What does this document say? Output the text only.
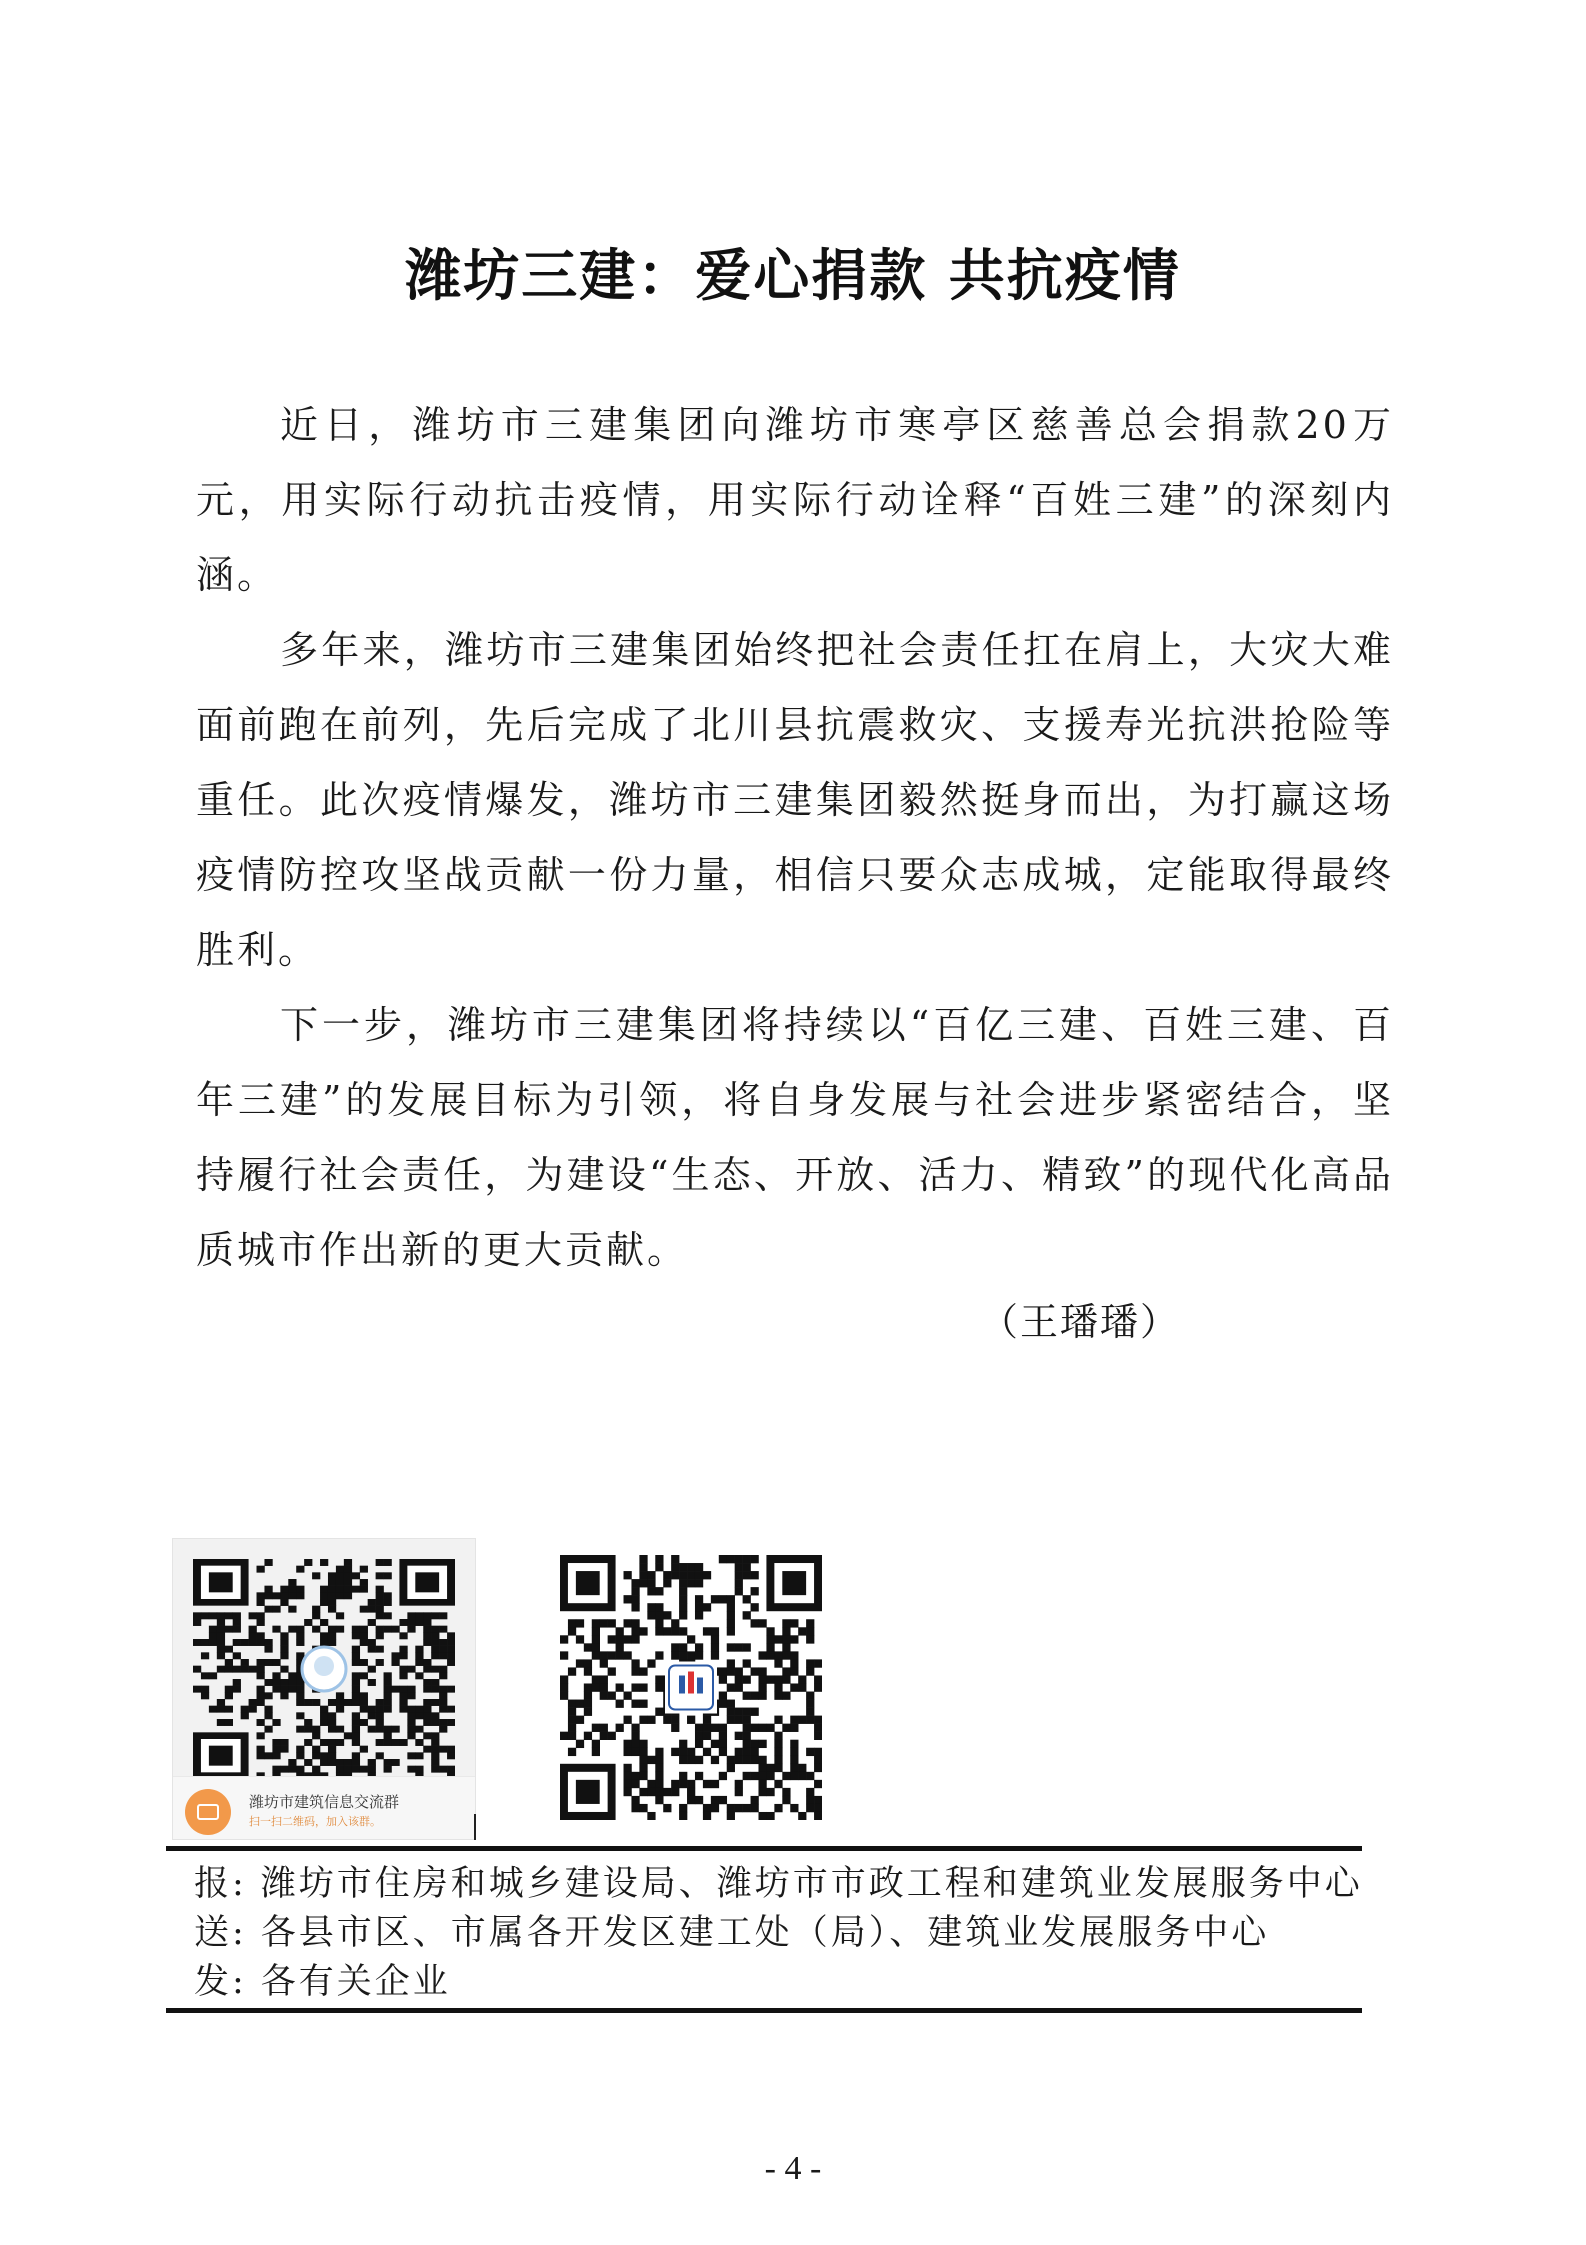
潍坊三建：爱心捐款 共抗疫情

近日，潍坊市三建集团向潍坊市寒亭区慈善总会捐款20万元，用实际行动抗击疫情，用实际行动诠释“百姓三建”的深刻内涵。

多年来，潍坊市三建集团始终把社会责任扛在肩上，大灾大难面前跑在前列，先后完成了北川县抗震救灾、支援寿光抗洪抢险等重任。此次疫情爆发，潍坊市三建集团毅然挺身而出，为打赢这场疫情防控攻坚战贡献一份力量，相信只要众志成城，定能取得最终胜利。

下一步，潍坊市三建集团将持续以“百亿三建、百姓三建、百年三建”的发展目标为引领，将自身发展与社会进步紧密结合，坚持履行社会责任，为建设“生态、开放、活力、精致”的现代化高品质城市作出新的更大贡献。

（王璠璠）
潍坊市建筑信息交流群
扫一扫二维码，加入该群。
报: 潍坊市住房和城乡建设局、潍坊市市政工程和建筑业发展服务中心
送: 各县市区、市属各开发区建工处（局）、建筑业发展服务中心
发: 各有关企业
- 4 -
